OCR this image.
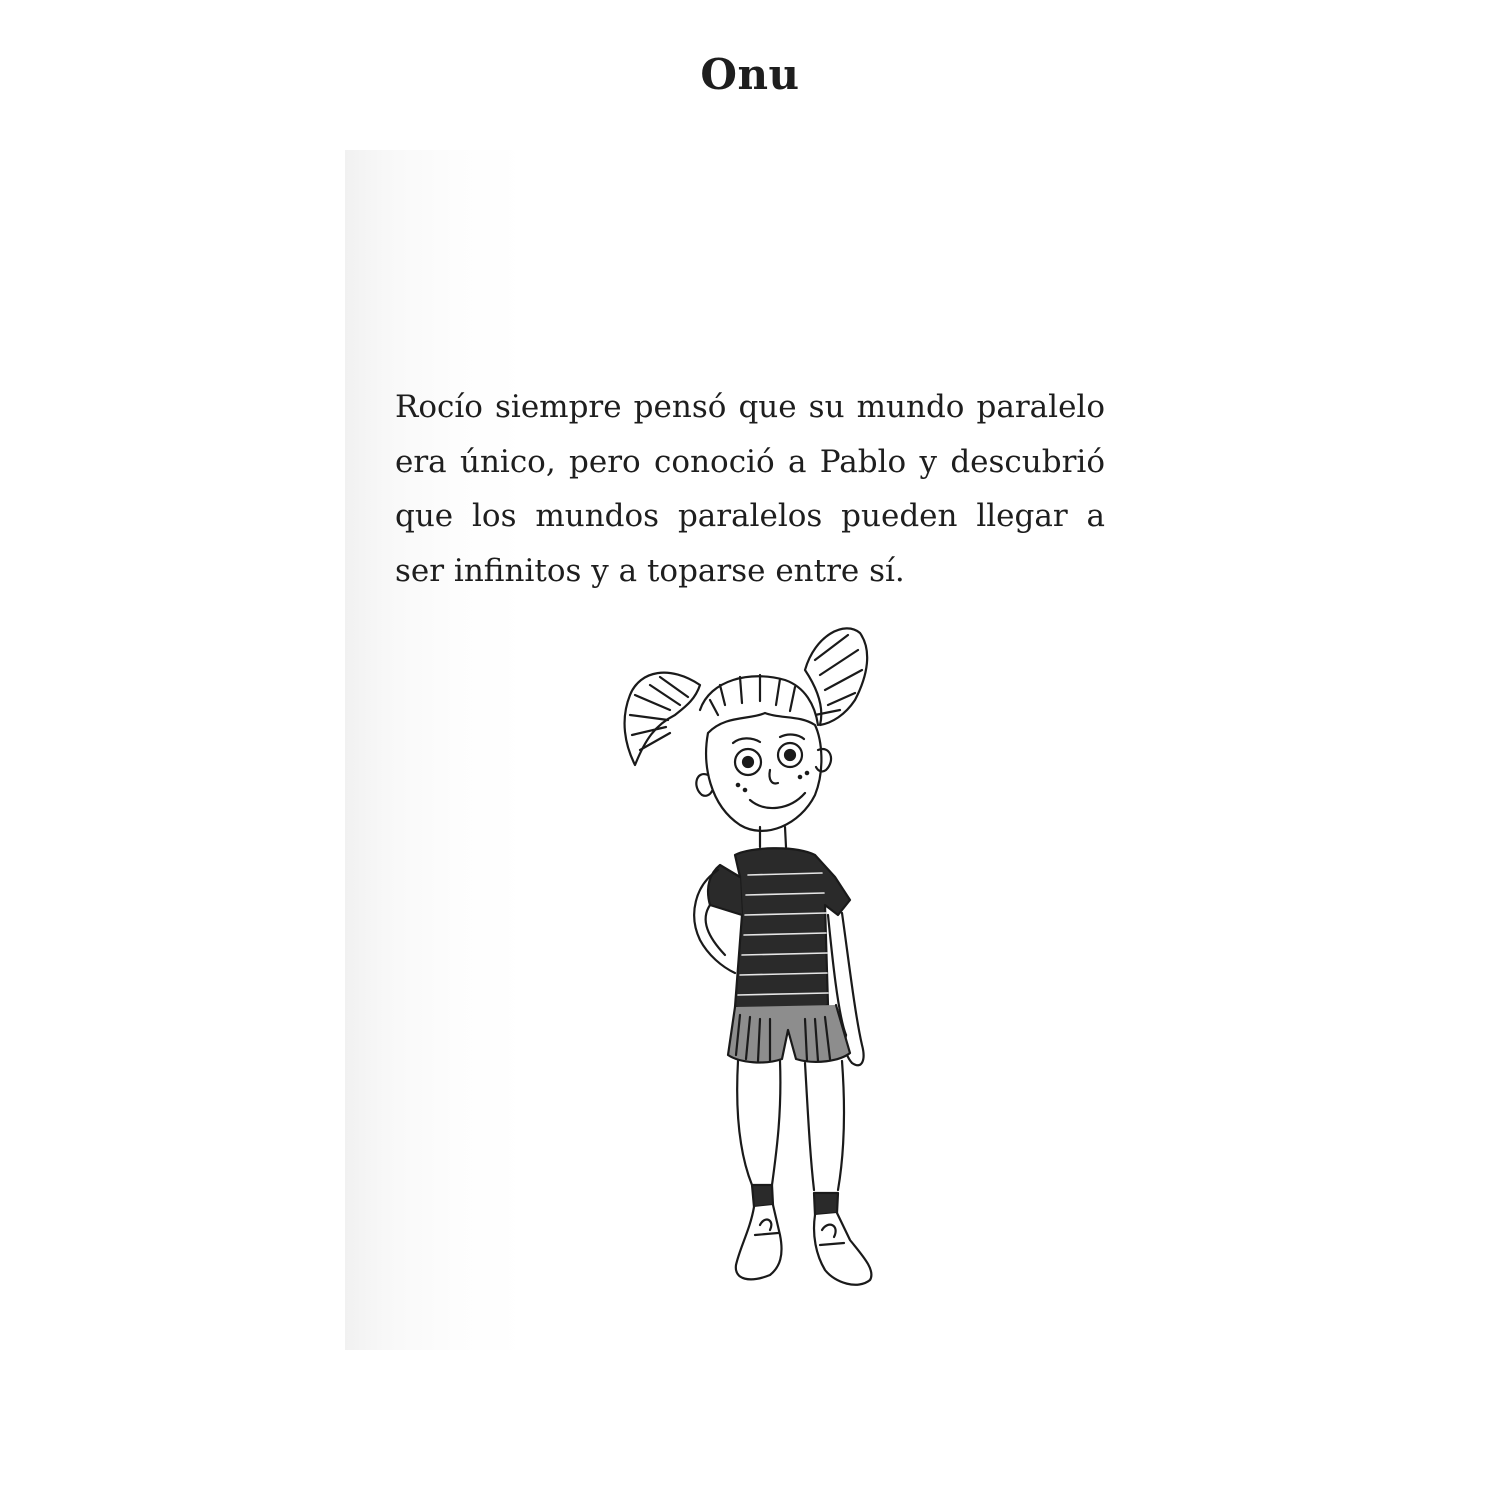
Onu

Rocío siempre pensó que su mundo paralelo era único, pero conoció a Pablo y descubrió que los mundos paralelos pueden llegar a ser infinitos y a toparse entre sí.
